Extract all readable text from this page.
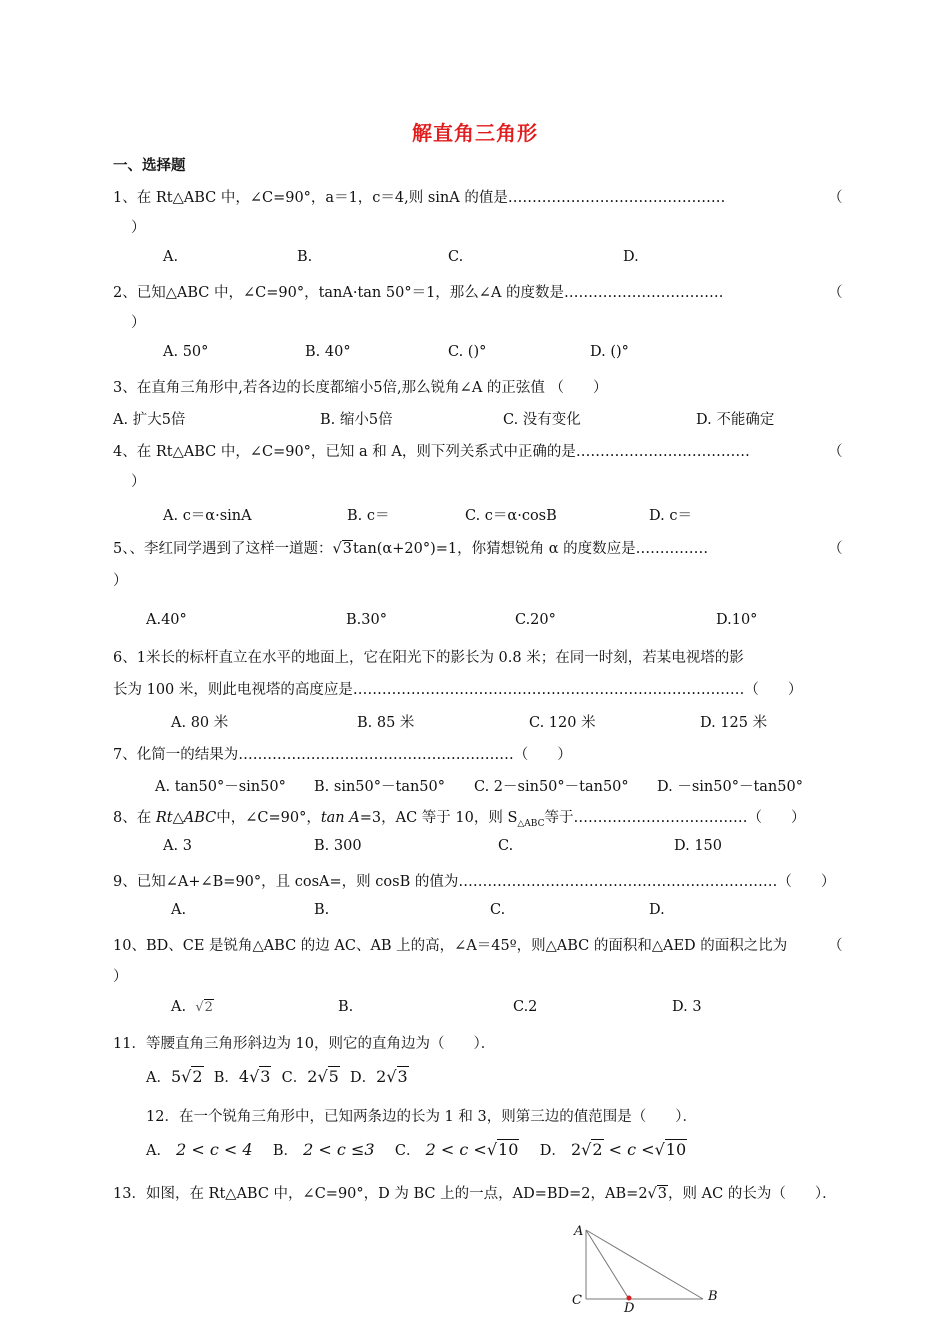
解直角三角形
一、选择题
1、在 Rt△ABC 中，∠C=90°，a＝1，c＝4,则 sinA 的值是………………………………………	（
）
A.	B.	C.	D.
2、已知△ABC 中，∠C=90°，tanA·tan 50°＝1，那么∠A 的度数是……………………………	（
）
A. 50°	B. 40°	C. ()°	D. ()°
3、在直角三角形中,若各边的长度都缩小5倍,那么锐角∠A 的正弦值 （　　）
A. 扩大5倍	B. 缩小5倍	C. 没有变化	D. 不能确定
4、在 Rt△ABC 中，∠C=90°，已知 a 和 A，则下列关系式中正确的是………………………………	（
）
A. c＝α·sinA	B. c＝	C. c＝α·cosB	D. c＝
5、、李红同学遇到了这样一道题：√3tan(α+20°)=1，你猜想锐角 α 的度数应是……………	（
）
A.40°	B.30°	C.20°	D.10°
6、1米长的标杆直立在水平的地面上，它在阳光下的影长为 0.8 米；在同一时刻，若某电视塔的影
长为 100 米，则此电视塔的高度应是………………………………………………………………………（　　）
A. 80 米	B. 85 米	C. 120 米	D. 125 米
7、化简一的结果为…………………………………………………（　　）
A. tan50°－sin50° B. sin50°－tan50° C. 2－sin50°－tan50° D. －sin50°－tan50°
8、在 Rt△ABC中，∠C=90°，tan A=3，AC 等于 10，则 $S_{\triangle ABC}$等于………………………………（　　）
A. 3	B. 300	C.	D. 150
9、已知∠A+∠B=90°，且 cosA=，则 cosB 的值为…………………………………………………………（　　）
A.	B.	C.	D.
10、BD、CE 是锐角△ABC 的边 AC、AB 上的高，∠A＝45º，则△ABC 的面积和△AED 的面积之比为	（
）
A. √2	B.	C.2	D. 3
11．等腰直角三角形斜边为 10，则它的直角边为（　　）．
A．5√2 B．4√3 C．2√5 D．2√3
12．在一个锐角三角形中，已知两条边的长为 1 和 3，则第三边的值范围是（　　）．
A． 2 < c < 4 B． 2 < c ≤3 C． 2 < c <√10 D． 2√2 < c <√10
13．如图，在 Rt△ABC 中，∠C=90°，D 为 BC 上的一点，AD=BD=2，AB=2√3，则 AC 的长为（　　）．
A
C
D
B
